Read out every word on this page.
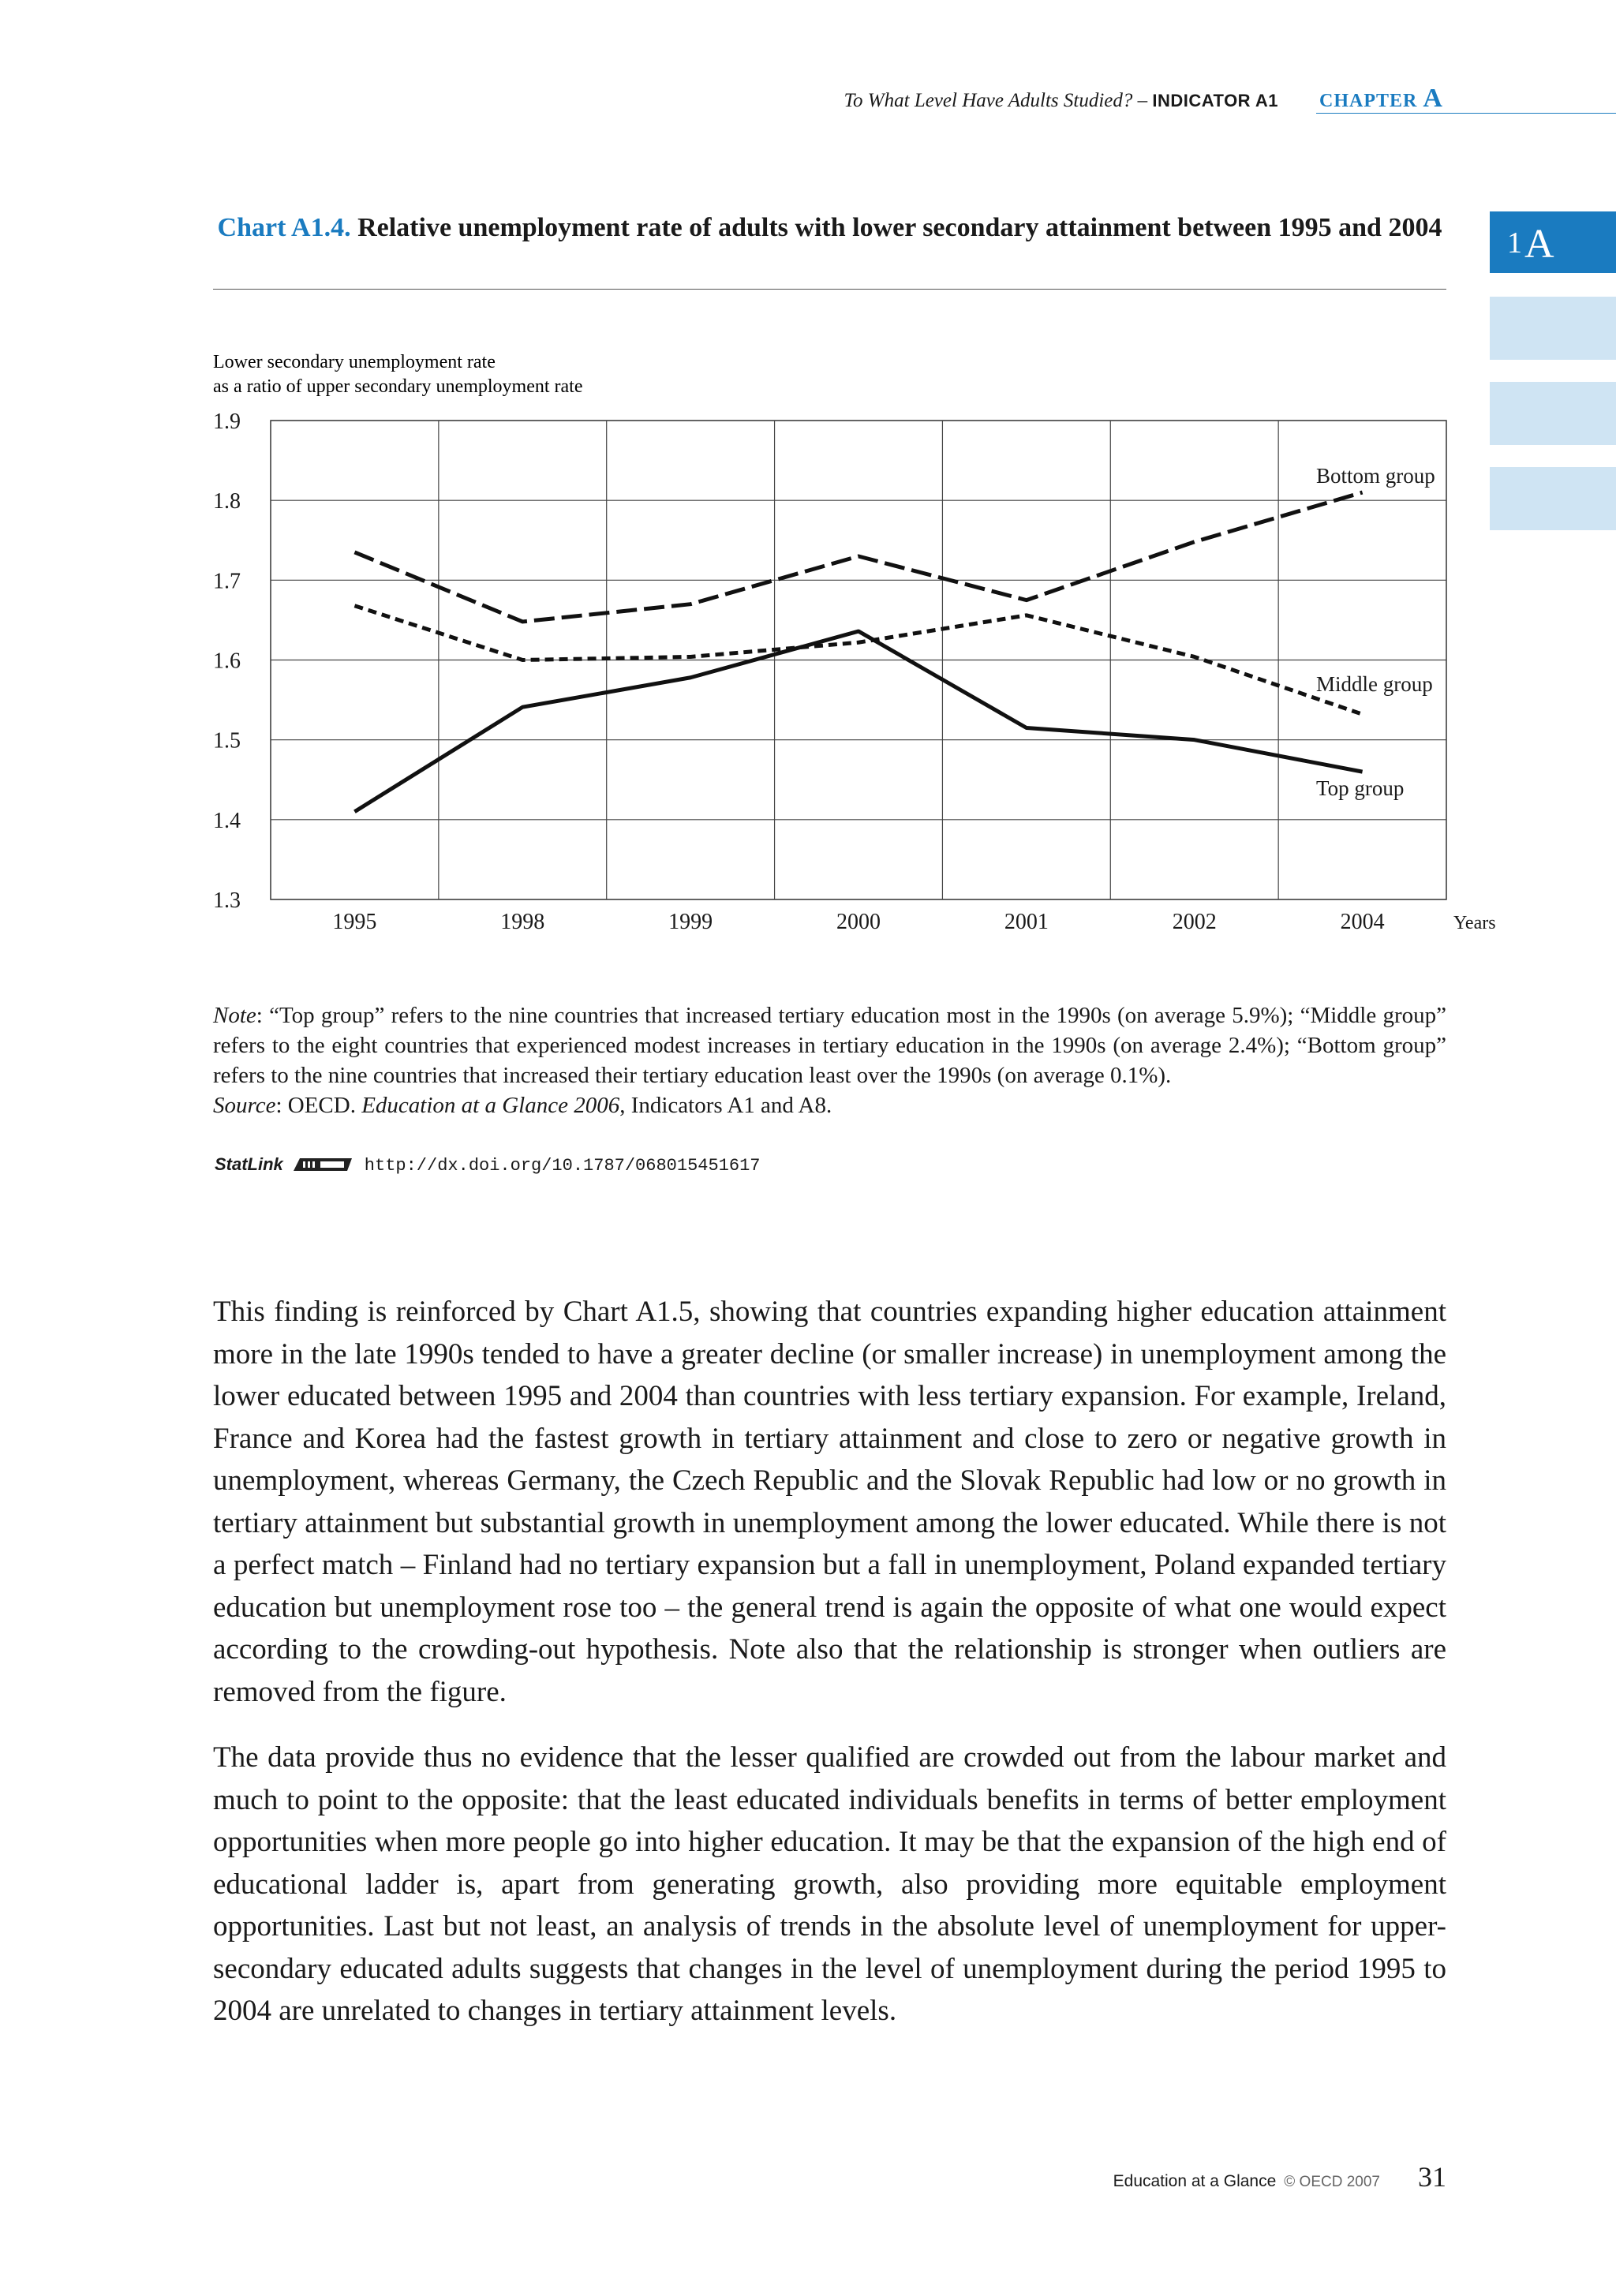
To What Level Have Adults Studied? – INDICATOR A1 CHAPTER A
A
1
Chart A1.4. Relative unemployment rate of adults with lower secondary attainment between 1995 and 2004
Lower secondary unemployment rate
as a ratio of upper secondary unemployment rate
1.9
1.8
1.7
1.6
1.5
1.4
1.3
1995	1998	1999	2000	2001	2002	2004	Years
Bottom group
Middle group
Top group

Note: “Top group” refers to the nine countries that increased tertiary education most in the 1990s (on average 5.9%); “Middle group” refers to the eight countries that experienced modest increases in tertiary education in the 1990s (on average 2.4%); “Bottom group” refers to the nine countries that increased their tertiary education least over the 1990s (on average 0.1%).

Source: OECD. Education at a Glance 2006, Indicators A1 and A8.

StatLink	http://dx.doi.org/10.1787/068015451617

This finding is reinforced by Chart A1.5, showing that countries expanding higher education attainment more in the late 1990s tended to have a greater decline (or smaller increase) in unemployment among the lower educated between 1995 and 2004 than countries with less tertiary expansion. For example, Ireland, France and Korea had the fastest growth in tertiary attainment and close to zero or negative growth in unemployment, whereas Germany, the Czech Republic and the Slovak Republic had low or no growth in tertiary attainment but substantial growth in unemployment among the lower educated. While there is not a perfect match – Finland had no tertiary expansion but a fall in unemployment, Poland expanded tertiary education but unemployment rose too – the general trend is again the opposite of what one would expect according to the crowding-out hypothesis. Note also that the relationship is stronger when outliers are removed from the figure.

The data provide thus no evidence that the lesser qualified are crowded out from the labour market and much to point to the opposite: that the least educated individuals benefits in terms of better employment opportunities when more people go into higher education. It may be that the expansion of the high end of educational ladder is, apart from generating growth, also providing more equitable employment opportunities. Last but not least, an analysis of trends in the absolute level of unemployment for upper-secondary educated adults suggests that changes in the level of unemployment during the period 1995 to 2004 are unrelated to changes in tertiary attainment levels.

Education at a Glance © OECD 2007 31
